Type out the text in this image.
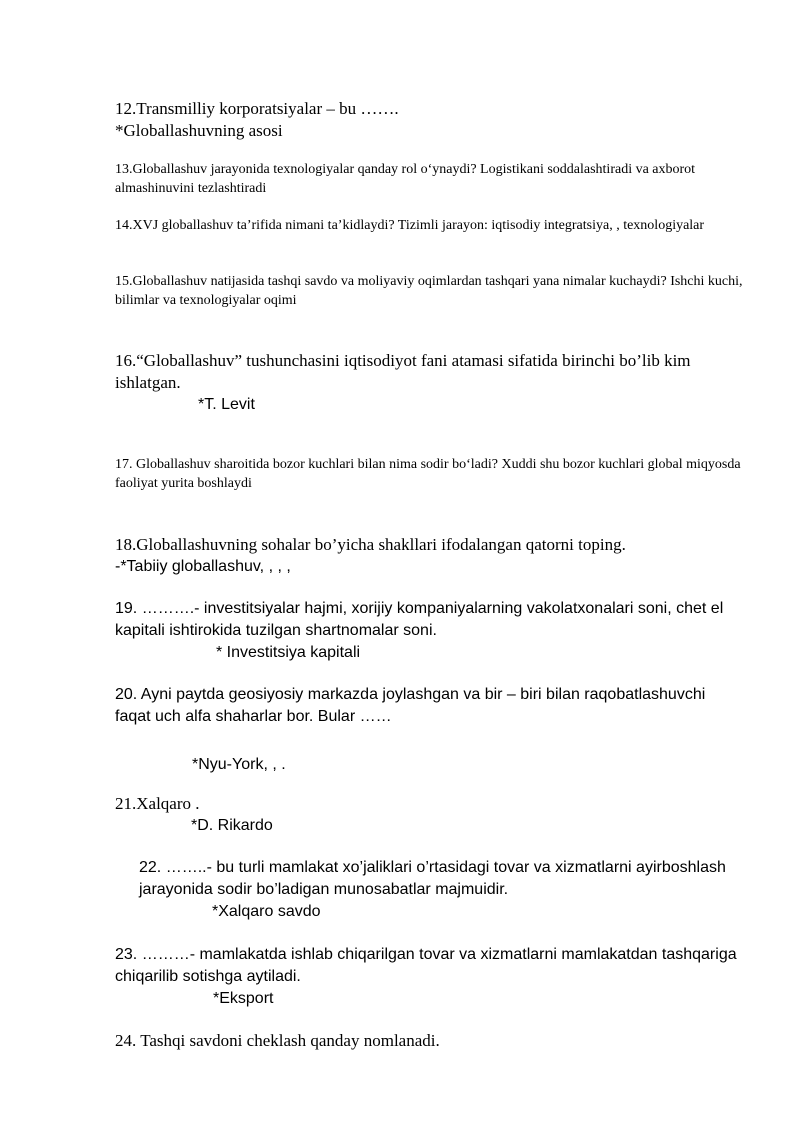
12.Transmilliy korporatsiyalar – bu …….

*Globallashuvning asosi

13.Globallashuv jarayonida texnologiyalar qanday rol o‘ynaydi? Logistikani soddalashtiradi va axborot almashinuvini tezlashtiradi

14.XVJ globallashuv ta’rifida nimani ta’kidlaydi? Tizimli jarayon: iqtisodiy integratsiya, , texnologiyalar

15.Globallashuv natijasida tashqi savdo va moliyaviy oqimlardan tashqari yana nimalar kuchaydi? Ishchi kuchi, bilimlar va texnologiyalar oqimi

16.“Globallashuv” tushunchasini iqtisodiyot fani atamasi sifatida birinchi bo’lib kim ishlatgan.

*T. Levit

17. Globallashuv sharoitida bozor kuchlari bilan nima sodir bo‘ladi? Xuddi shu bozor kuchlari global miqyosda faoliyat yurita boshlaydi

18.Globallashuvning sohalar bo’yicha shakllari ifodalangan qatorni toping.

-*Tabiiy globallashuv, , , ,

19. ……….- investitsiyalar hajmi, xorijiy kompaniyalarning vakolatxonalari soni, chet el kapitali ishtirokida tuzilgan shartnomalar soni.

* Investitsiya kapitali

20. Ayni paytda geosiyosiy markazda joylashgan va bir – biri bilan raqobatlashuvchi faqat uch alfa shaharlar bor. Bular ……

*Nyu-York, , .

21.Xalqaro .

*D. Rikardo

22. ……..- bu turli mamlakat xo’jaliklari o’rtasidagi tovar va xizmatlarni ayirboshlash jarayonida sodir bo’ladigan munosabatlar majmuidir.

*Xalqaro savdo

23. ………- mamlakatda ishlab chiqarilgan tovar va xizmatlarni mamlakatdan tashqariga chiqarilib sotishga aytiladi.

*Eksport

24. Tashqi savdoni cheklash qanday nomlanadi.
